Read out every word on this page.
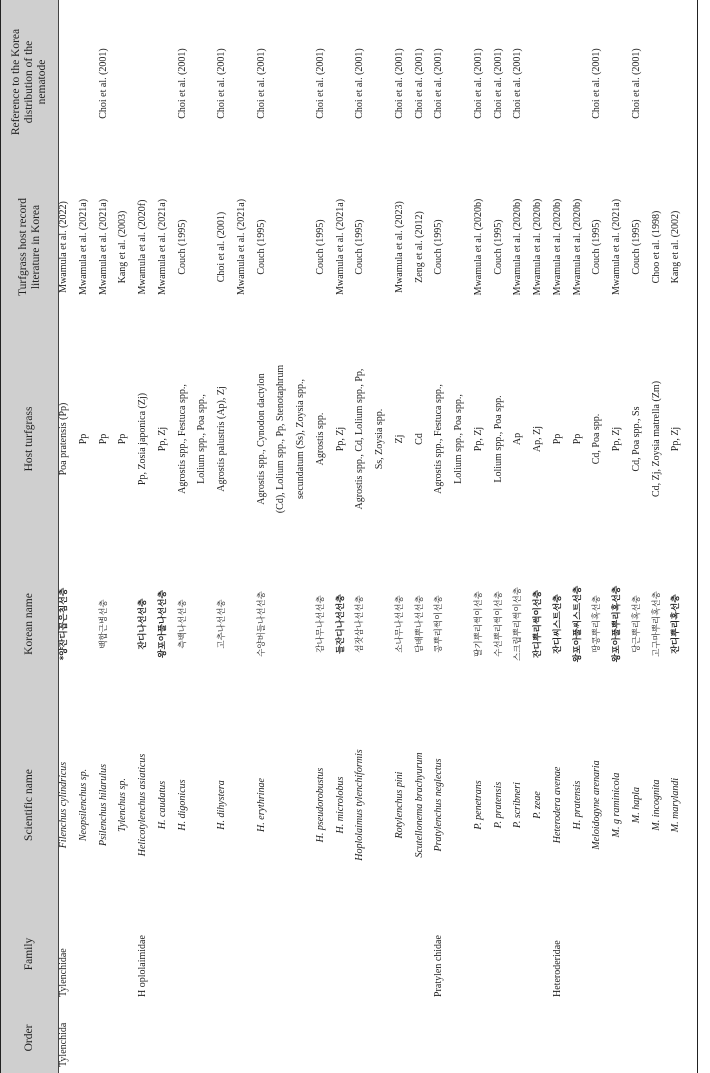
Order
Family
Scientific name
Korean name
Host turfgrass
Turfgrass host record
literature in Korea
Reference to the Korea
distribution of the
nematode
Tylenchida
Tylenchidae
Filenchus cylindricus
*양잔디꼽은침선충
Poa pratensis (Pp)
Mwamula et al. (2022)
Neopsilenchus sp.
Pp
Mwamula et al. (2021a)
Psilenchus hilarulus
백합근병선충
Pp
Mwamula et al. (2021a)
Choi et al. (2001)
Tylenchus sp.
Pp
Kang et al. (2003)
H oplolaimidae
Helicotylenchus asiaticus
잔디나선선충
Pp, Zosia japonica (Zj)
Mwamula et al. (2020f)
H. caudatus
왕포아풀나선선충
Pp, Zj
Mwamula et al. (2021a)
H. digonicus
측백나선선충
Agrostis spp., Festuca spp.,
Couch (1995)
Choi et al. (2001)
Lolium spp., Poa spp.,
H. dihystera
고추나선선충
Agrostis palustris (Ap), Zj
Choi et al. (2001)
Choi et al. (2001)
Mwamula et al. (2021a)
H. erythrinae
수양버들나선선충
Agrostis spp., Cynodon dactylon
Couch (1995)
Choi et al. (2001)
(Cd), Lolium spp., Pp, Stenotaphrum secundatum (Ss), Zoysia spp.,
H. pseudorobustus
감나무나선선충
Agrostis spp.
Couch (1995)
Choi et al. (2001)
H. microlobus
들잔디나선선충
Pp, Zj
Mwamula et al. (2021a)
Hoplolaimus tylenchiformis
섬잣삼나선선충
Agrostis spp., Cd, Lolium spp., Pp,
Couch (1995)
Choi et al. (2001)
Ss, Zoysia spp.
Rotylenchus pini
소나무나선선충
Zj
Mwamula et al. (2023)
Choi et al. (2001)
Scutellonema brachyurum
담배뿌나선선충
Cd
Zeng et al. (2012)
Choi et al. (2001)
Pratylen chidae
Pratylenchus neglectus
콩뿌리썩이선충
Agrostis spp., Festuca spp.,
Couch (1995)
Choi et al. (2001)
Lolium spp., Poa spp.,
P. penetrans
딸기뿌리썩이선충
Pp, Zj
Mwamula et al. (2020b)
Choi et al. (2001)
P. pratensis
수선뿌리썩이선충
Lolium spp., Poa spp.
Couch (1995)
Choi et al. (2001)
P. scribneri
스크립뿌리썩이선충
Ap
Mwamula et al. (2020b)
Choi et al. (2001)
P. zeae
잔디뿌리썩이선충
Ap, Zj
Mwamula et al. (2020b)
Heteroderidae
Heterodera avenae
잔디씨스트선충
Pp
Mwamula et al. (2020b)
H. pratensis
왕포아풀씨스트선충
Pp
Mwamula et al. (2020b)
Meloidogyne arenaria
땅콩뿌리혹선충
Cd, Poa spp.
Couch (1995)
Choi et al. (2001)
M. g raminicola
왕포아풀뿌리혹선충
Pp, Zj
Mwamula et al. (2021a)
M. hapla
당근뿌리혹선충
Cd, Poa spp., Ss
Couch (1995)
Choi et al. (2001)
M. incognita
고구마뿌리혹선충
Cd, Zj, Zoysia matrella (Zm)
Choo et al. (1998)
M. marylandi
잔디뿌리혹선충
Pp, Zj
Kang et al. (2002)
